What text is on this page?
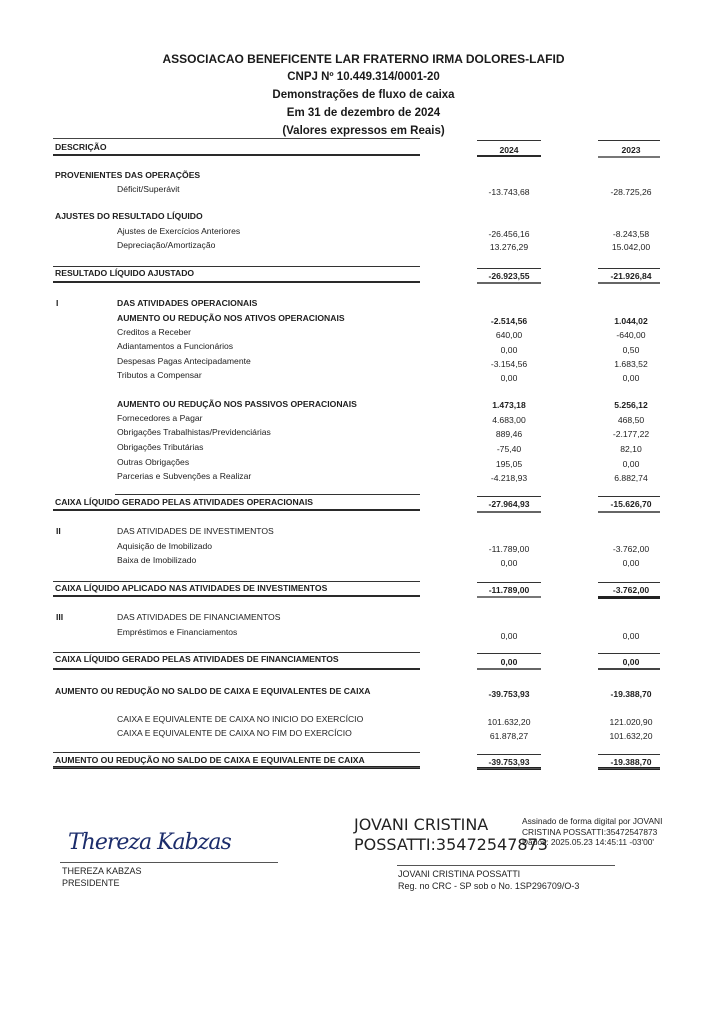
ASSOCIACAO BENEFICENTE LAR FRATERNO IRMA DOLORES-LAFID
CNPJ Nº 10.449.314/0001-20
Demonstrações de fluxo de caixa
Em 31 de dezembro de 2024
(Valores expressos em Reais)
DESCRIÇÃO	2024	2023
PROVENIENTES DAS OPERAÇÕES
Déficit/Superávit	-13.743,68	-28.725,26
AJUSTES DO RESULTADO LÍQUIDO
Ajustes de Exercícios Anteriores	-26.456,16	-8.243,58
Depreciação/Amortização	13.276,29	15.042,00
RESULTADO LÍQUIDO AJUSTADO	-26.923,55	-21.926,84
I	DAS ATIVIDADES OPERACIONAIS
AUMENTO OU REDUÇÃO NOS ATIVOS OPERACIONAIS	-2.514,56	1.044,02
Creditos a Receber	640,00	-640,00
Adiantamentos a Funcionários	0,00	0,50
Despesas Pagas Antecipadamente	-3.154,56	1.683,52
Tributos a Compensar	0,00	0,00
AUMENTO OU REDUÇÃO NOS PASSIVOS OPERACIONAIS	1.473,18	5.256,12
Fornecedores a Pagar	4.683,00	468,50
Obrigações Trabalhistas/Previdenciárias	889,46	-2.177,22
Obrigações Tributárias	-75,40	82,10
Outras Obrigações	195,05	0,00
Parcerias e Subvenções a Realizar	-4.218,93	6.882,74
CAIXA LÍQUIDO GERADO PELAS ATIVIDADES OPERACIONAIS	-27.964,93	-15.626,70
II	DAS ATIVIDADES DE INVESTIMENTOS
Aquisição de Imobilizado	-11.789,00	-3.762,00
Baixa de Imobilizado	0,00	0,00
CAIXA LÍQUIDO APLICADO NAS ATIVIDADES DE INVESTIMENTOS	-11.789,00	-3.762,00
III	DAS ATIVIDADES DE FINANCIAMENTOS
Empréstimos e Financiamentos	0,00	0,00
CAIXA LÍQUIDO GERADO PELAS ATIVIDADES DE FINANCIAMENTOS	0,00	0,00
AUMENTO OU REDUÇÃO NO SALDO DE CAIXA E EQUIVALENTES DE CAIXA	-39.753,93	-19.388,70
CAIXA E EQUIVALENTE DE CAIXA NO INICIO DO EXERCÍCIO	101.632,20	121.020,90
CAIXA E EQUIVALENTE DE CAIXA NO FIM DO EXERCÍCIO	61.878,27	101.632,20
AUMENTO OU REDUÇÃO NO SALDO DE CAIXA E EQUIVALENTE DE CAIXA	-39.753,93	-19.388,70
Thereza Kabzas
THEREZA KABZAS
PRESIDENTE
JOVANI CRISTINA
POSSATTI:35472547873
Assinado de forma digital por JOVANI
CRISTINA POSSATTI:35472547873
Dados: 2025.05.23 14:45:11 -03'00'
JOVANI CRISTINA POSSATTI
Reg. no CRC - SP sob o No. 1SP296709/O-3
